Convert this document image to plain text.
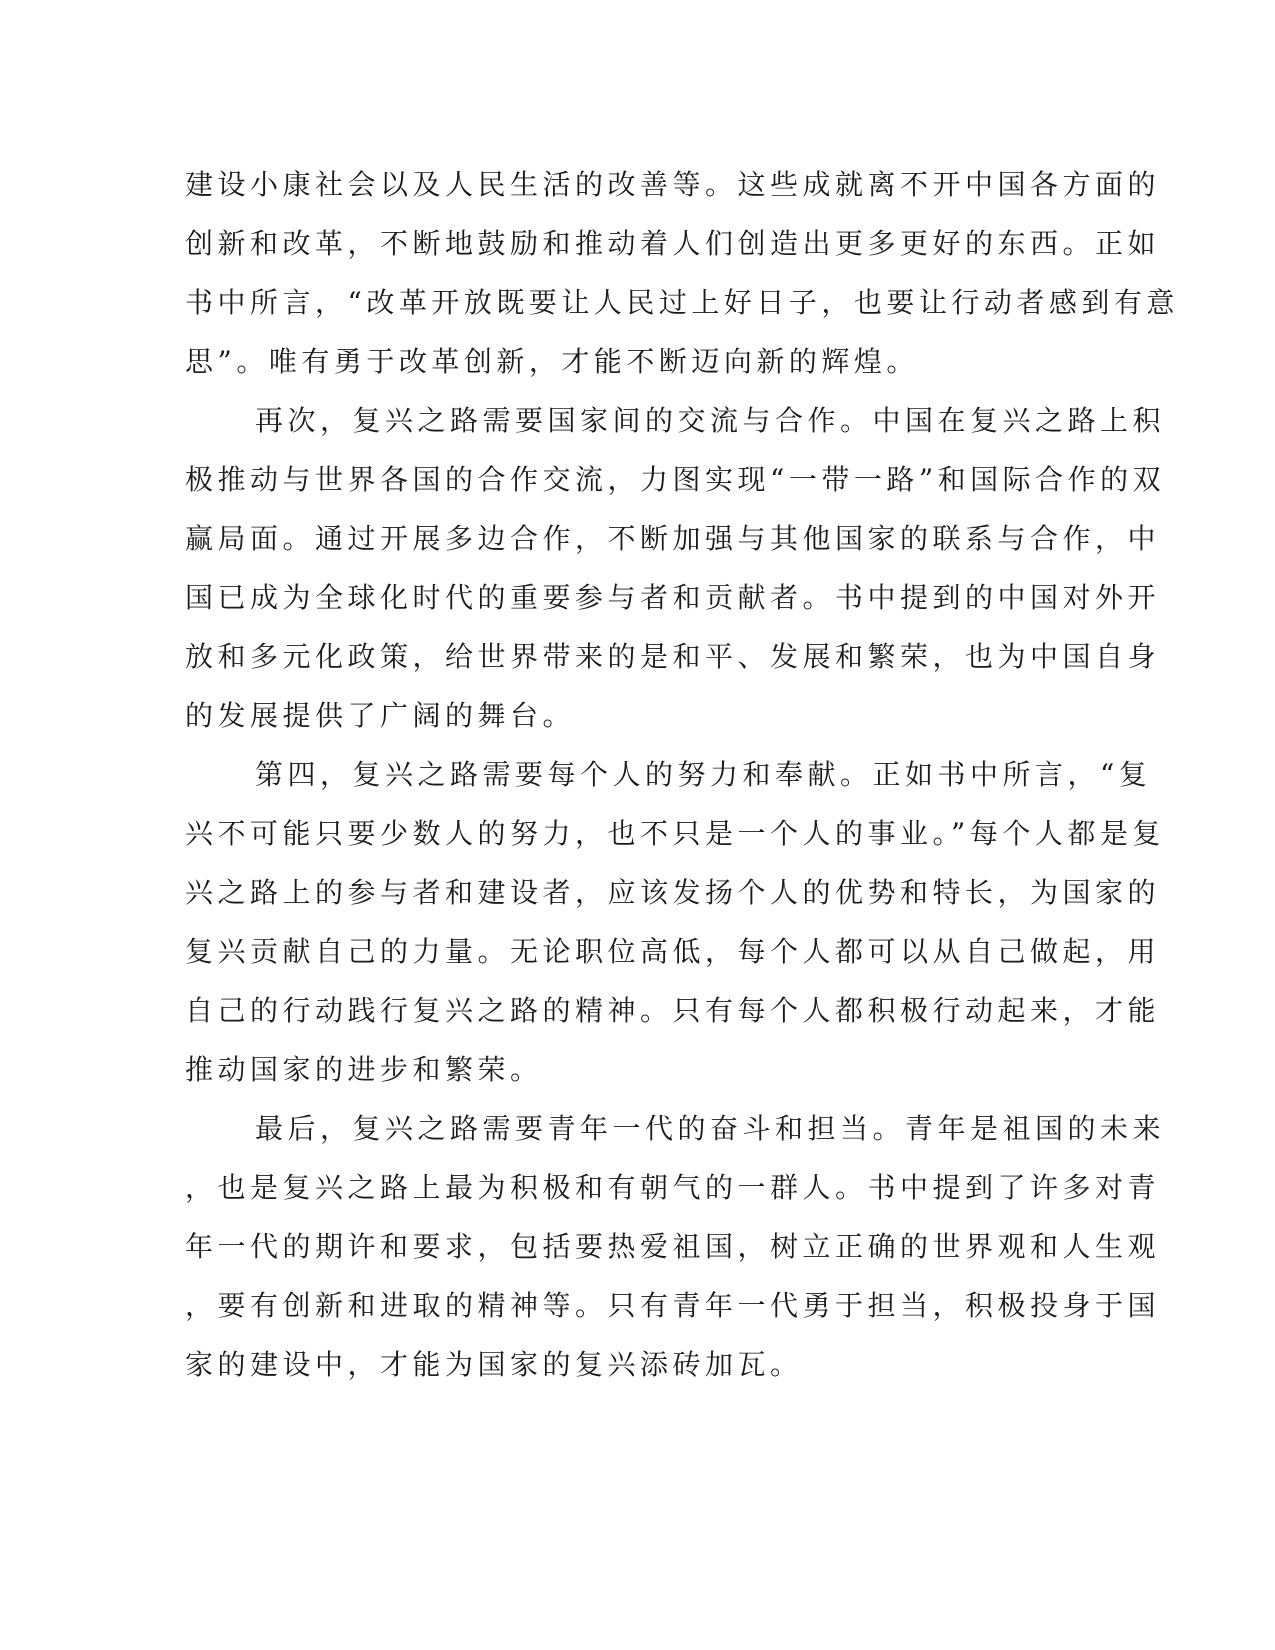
建设小康社会以及人民生活的改善等。这些成就离不开中国各方面的
创新和改革，不断地鼓励和推动着人们创造出更多更好的东西。正如
书中所言，“改革开放既要让人民过上好日子，也要让行动者感到有意
思”。唯有勇于改革创新，才能不断迈向新的辉煌。
再次，复兴之路需要国家间的交流与合作。中国在复兴之路上积
极推动与世界各国的合作交流，力图实现“一带一路”和国际合作的双
赢局面。通过开展多边合作，不断加强与其他国家的联系与合作，中
国已成为全球化时代的重要参与者和贡献者。书中提到的中国对外开
放和多元化政策，给世界带来的是和平、发展和繁荣，也为中国自身
的发展提供了广阔的舞台。
第四，复兴之路需要每个人的努力和奉献。正如书中所言，“复
兴不可能只要少数人的努力，也不只是一个人的事业。”每个人都是复
兴之路上的参与者和建设者，应该发扬个人的优势和特长，为国家的
复兴贡献自己的力量。无论职位高低，每个人都可以从自己做起，用
自己的行动践行复兴之路的精神。只有每个人都积极行动起来，才能
推动国家的进步和繁荣。
最后，复兴之路需要青年一代的奋斗和担当。青年是祖国的未来
，也是复兴之路上最为积极和有朝气的一群人。书中提到了许多对青
年一代的期许和要求，包括要热爱祖国，树立正确的世界观和人生观
，要有创新和进取的精神等。只有青年一代勇于担当，积极投身于国
家的建设中，才能为国家的复兴添砖加瓦。
